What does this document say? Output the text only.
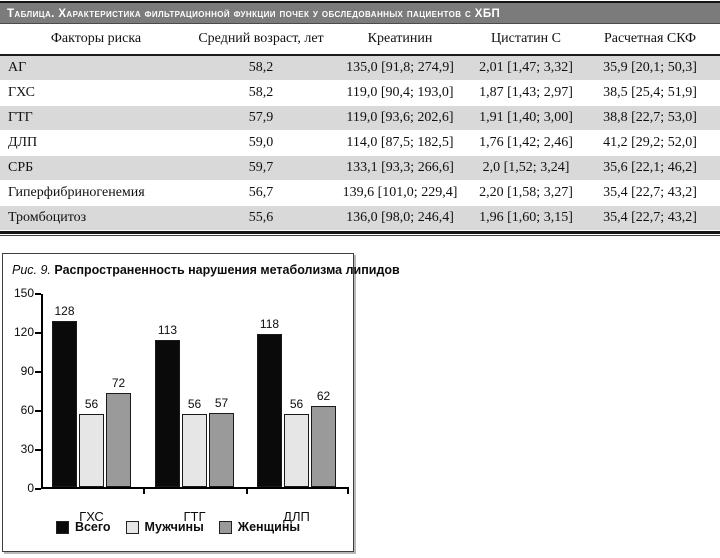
Таблица. Характеристика фильтрационной функции почек у обследованных пациентов с ХБП
Факторы риска	Средний возраст, лет	Креатинин	Цистатин С	Расчетная СКФ
АГ	58,2	135,0 [91,8; 274,9]	2,01 [1,47; 3,32]	35,9 [20,1; 50,3]
ГХС	58,2	119,0 [90,4; 193,0]	1,87 [1,43; 2,97]	38,5 [25,4; 51,9]
ГТГ	57,9	119,0 [93,6; 202,6]	1,91 [1,40; 3,00]	38,8 [22,7; 53,0]
ДЛП	59,0	114,0 [87,5; 182,5]	1,76 [1,42; 2,46]	41,2 [29,2; 52,0]
СРБ	59,7	133,1 [93,3; 266,6]	2,0 [1,52; 3,24]	35,6 [22,1; 46,2]
Гиперфибриногенемия	56,7	139,6 [101,0; 229,4]	2,20 [1,58; 3,27]	35,4 [22,7; 43,2]
Тромбоцитоз	55,6	136,0 [98,0; 246,4]	1,96 [1,60; 3,15]	35,4 [22,7; 43,2]
Рис. 9. Распространенность нарушения метаболизма липидов
128
56
72
ГХС
113
56	57
ГТГ
118
56
62
ДЛП
0
30
60
90
120
150
Всего	Мужчины	Женщины
